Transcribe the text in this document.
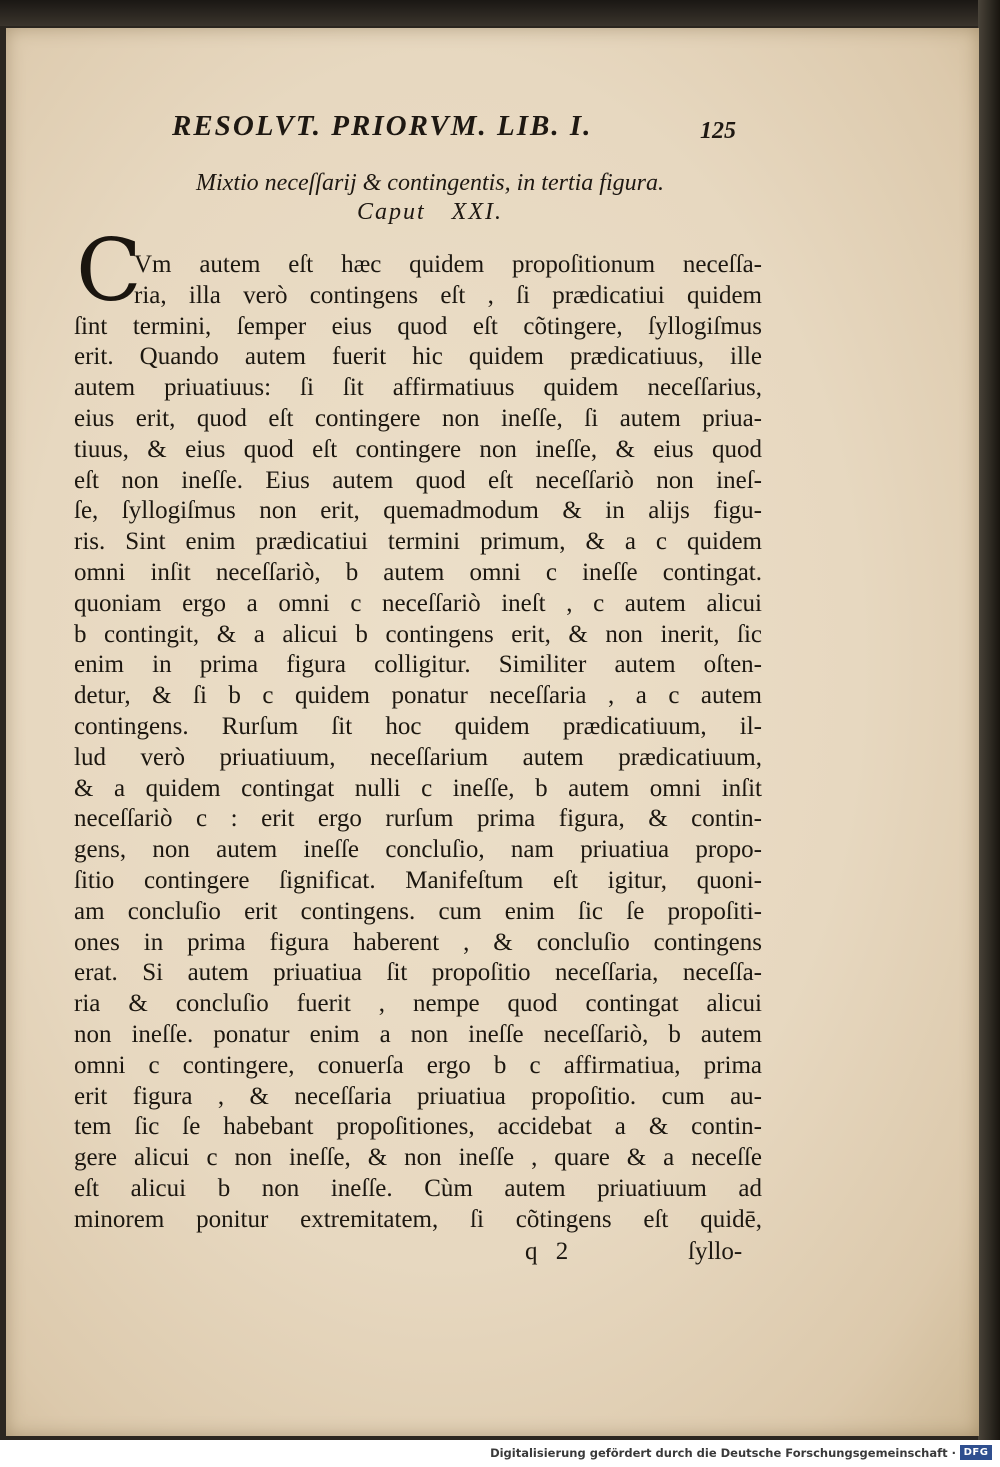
RESOLVT. PRIORVM. LIB. I.	125
Mixtio neceſſarij & contingentis, in tertia figura.
Caput XXI.
C
Vm autem eſt hæc quidem propoſitionum neceſſa-
ria, illa verò contingens eſt , ſi prædicatiui quidem
ſint termini, ſemper eius quod eſt cõtingere, ſyllogiſmus
erit. Quando autem fuerit hic quidem prædicatiuus, ille
autem priuatiuus: ſi ſit affirmatiuus quidem neceſſarius,
eius erit, quod eſt contingere non ineſſe, ſi autem priua-
tiuus, & eius quod eſt contingere non ineſſe, & eius quod
eſt non ineſſe. Eius autem quod eſt neceſſariò non ineſ-
ſe, ſyllogiſmus non erit, quemadmodum & in alijs figu-
ris. Sint enim prædicatiui termini primum, & a c quidem
omni inſit neceſſariò, b autem omni c ineſſe contingat.
quoniam ergo a omni c neceſſariò ineſt , c autem alicui
b contingit, & a alicui b contingens erit, & non inerit, ſic
enim in prima figura colligitur. Similiter autem oſten-
detur, & ſi b c quidem ponatur neceſſaria , a c autem
contingens. Rurſum ſit hoc quidem prædicatiuum, il-
lud verò priuatiuum, neceſſarium autem prædicatiuum,
& a quidem contingat nulli c ineſſe, b autem omni inſit
neceſſariò c : erit ergo rurſum prima figura, & contin-
gens, non autem ineſſe concluſio, nam priuatiua propo-
ſitio contingere ſignificat. Manifeſtum eſt igitur, quoni-
am concluſio erit contingens. cum enim ſic ſe propoſiti-
ones in prima figura haberent , & concluſio contingens
erat. Si autem priuatiua ſit propoſitio neceſſaria, neceſſa-
ria & concluſio fuerit , nempe quod contingat alicui
non ineſſe. ponatur enim a non ineſſe neceſſariò, b autem
omni c contingere, conuerſa ergo b c affirmatiua, prima
erit figura , & neceſſaria priuatiua propoſitio. cum au-
tem ſic ſe habebant propoſitiones, accidebat a & contin-
gere alicui c non ineſſe, & non ineſſe , quare & a neceſſe
eſt alicui b non ineſſe. Cùm autem priuatiuum ad
minorem ponitur extremitatem, ſi cõtingens eſt quidē,
q 2	ſyllo-
Digitalisierung gefördert durch die Deutsche Forschungsgemeinschaft · DFG
